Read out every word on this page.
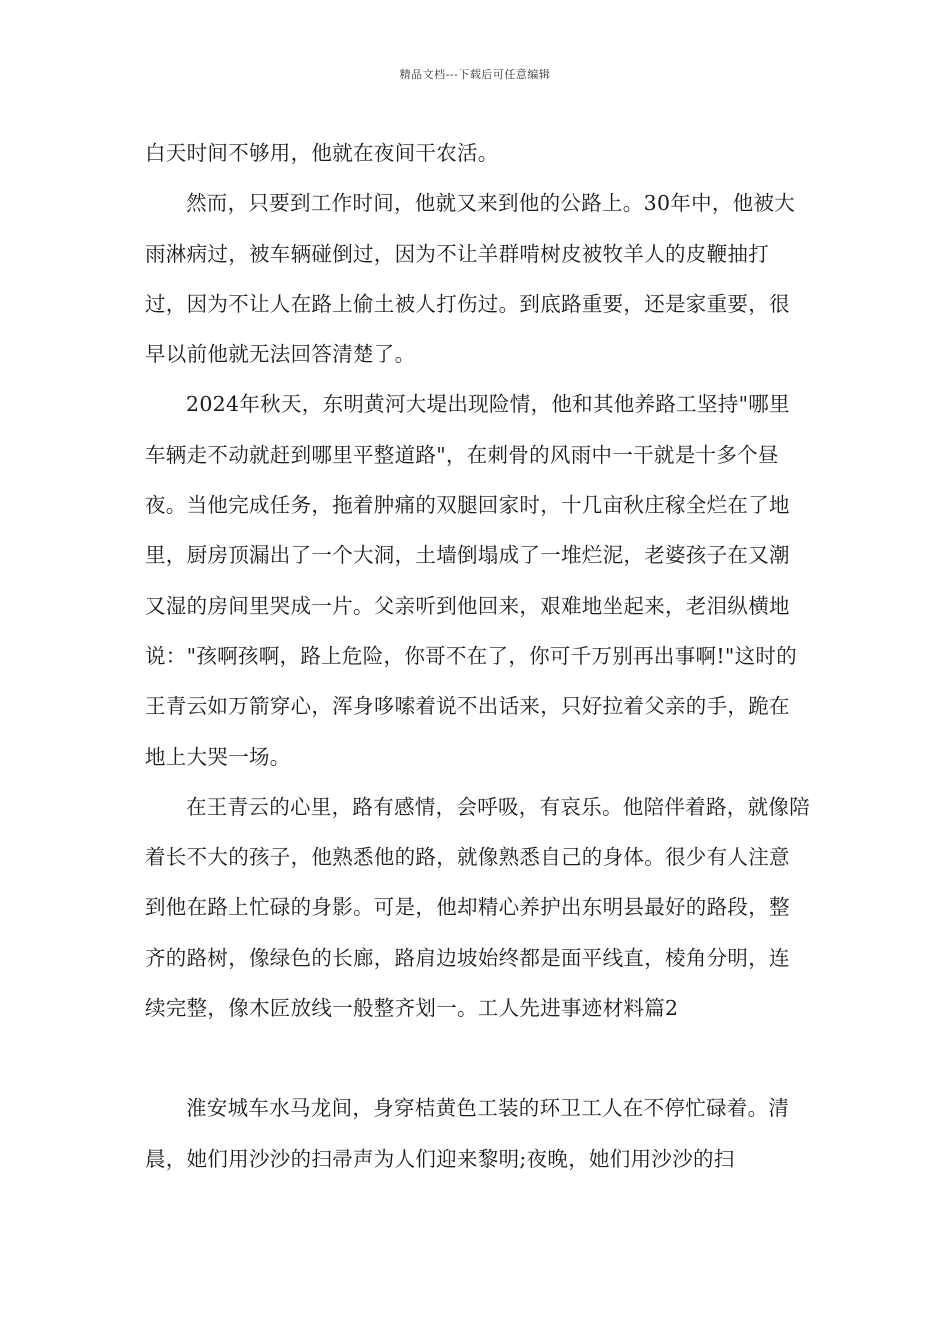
精品文档---下载后可任意编辑

白天时间不够用，他就在夜间干农活。

然而，只要到工作时间，他就又来到他的公路上。30年中，他被大雨淋病过，被车辆碰倒过，因为不让羊群啃树皮被牧羊人的皮鞭抽打过，因为不让人在路上偷土被人打伤过。到底路重要，还是家重要，很早以前他就无法回答清楚了。

2024年秋天，东明黄河大堤出现险情，他和其他养路工坚持"哪里车辆走不动就赶到哪里平整道路"，在刺骨的风雨中一干就是十多个昼夜。当他完成任务，拖着肿痛的双腿回家时，十几亩秋庄稼全烂在了地里，厨房顶漏出了一个大洞，土墙倒塌成了一堆烂泥，老婆孩子在又潮又湿的房间里哭成一片。父亲听到他回来，艰难地坐起来，老泪纵横地说："孩啊孩啊，路上危险，你哥不在了，你可千万别再出事啊!"这时的王青云如万箭穿心，浑身哆嗦着说不出话来，只好拉着父亲的手，跪在地上大哭一场。

在王青云的心里，路有感情，会呼吸，有哀乐。他陪伴着路，就像陪着长不大的孩子，他熟悉他的路，就像熟悉自己的身体。很少有人注意到他在路上忙碌的身影。可是，他却精心养护出东明县最好的路段，整齐的路树，像绿色的长廊，路肩边坡始终都是面平线直，棱角分明，连续完整，像木匠放线一般整齐划一。工人先进事迹材料篇2

淮安城车水马龙间，身穿桔黄色工装的环卫工人在不停忙碌着。清晨，她们用沙沙的扫帚声为人们迎来黎明;夜晚，她们用沙沙的扫
